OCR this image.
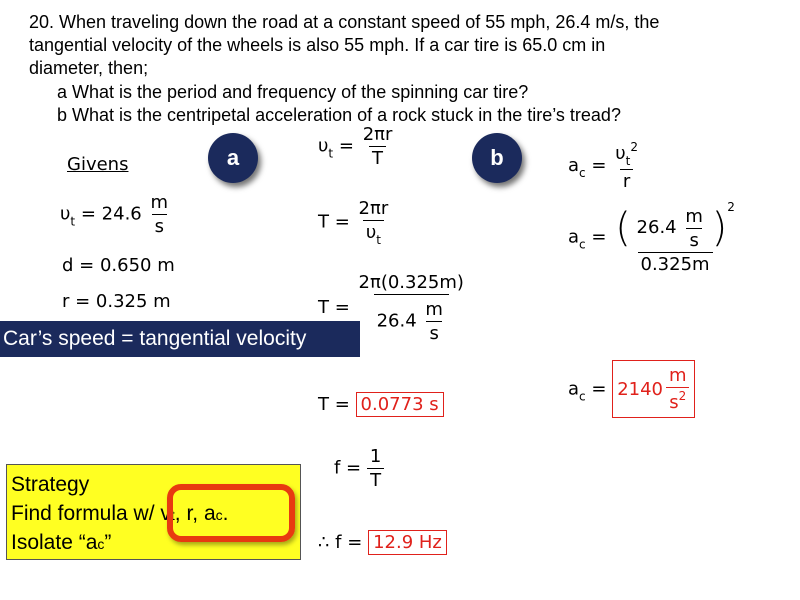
20. When traveling down the road at a constant speed of 55 mph, 26.4 m/s, the
tangential velocity of the wheels is also 55 mph. If a car tire is 65.0 cm in
diameter, then;
a What is the period and frequency of the spinning car tire?
b What is the centripetal acceleration of a rock stuck in the tire’s tread?
a	b
Givens
$\upsilon_t = 24.6 \frac{m}{s}$
d = 0.650 m
r = 0.325 m
Car’s speed = tangential velocity
$\upsilon_t = \frac{2\pi r}{T}$
$T = \frac{2\pi r}{\upsilon_t}$
$T = \frac{2\pi(0.325m)}{26.4 \frac{m}{s}}$
T = 0.0773 s
$f = \frac{1}{T}$
∴ f = 12.9 Hz
$a_c = \frac{\upsilon_t^2}{r}$
$a_c$ = ( $26.4 \frac{m}{s} )^2$
0.325m
$a_c = 2140 \frac{m}{s^2}$
Strategy
Find formula w/ vt, r, ac.
Isolate “ac”
